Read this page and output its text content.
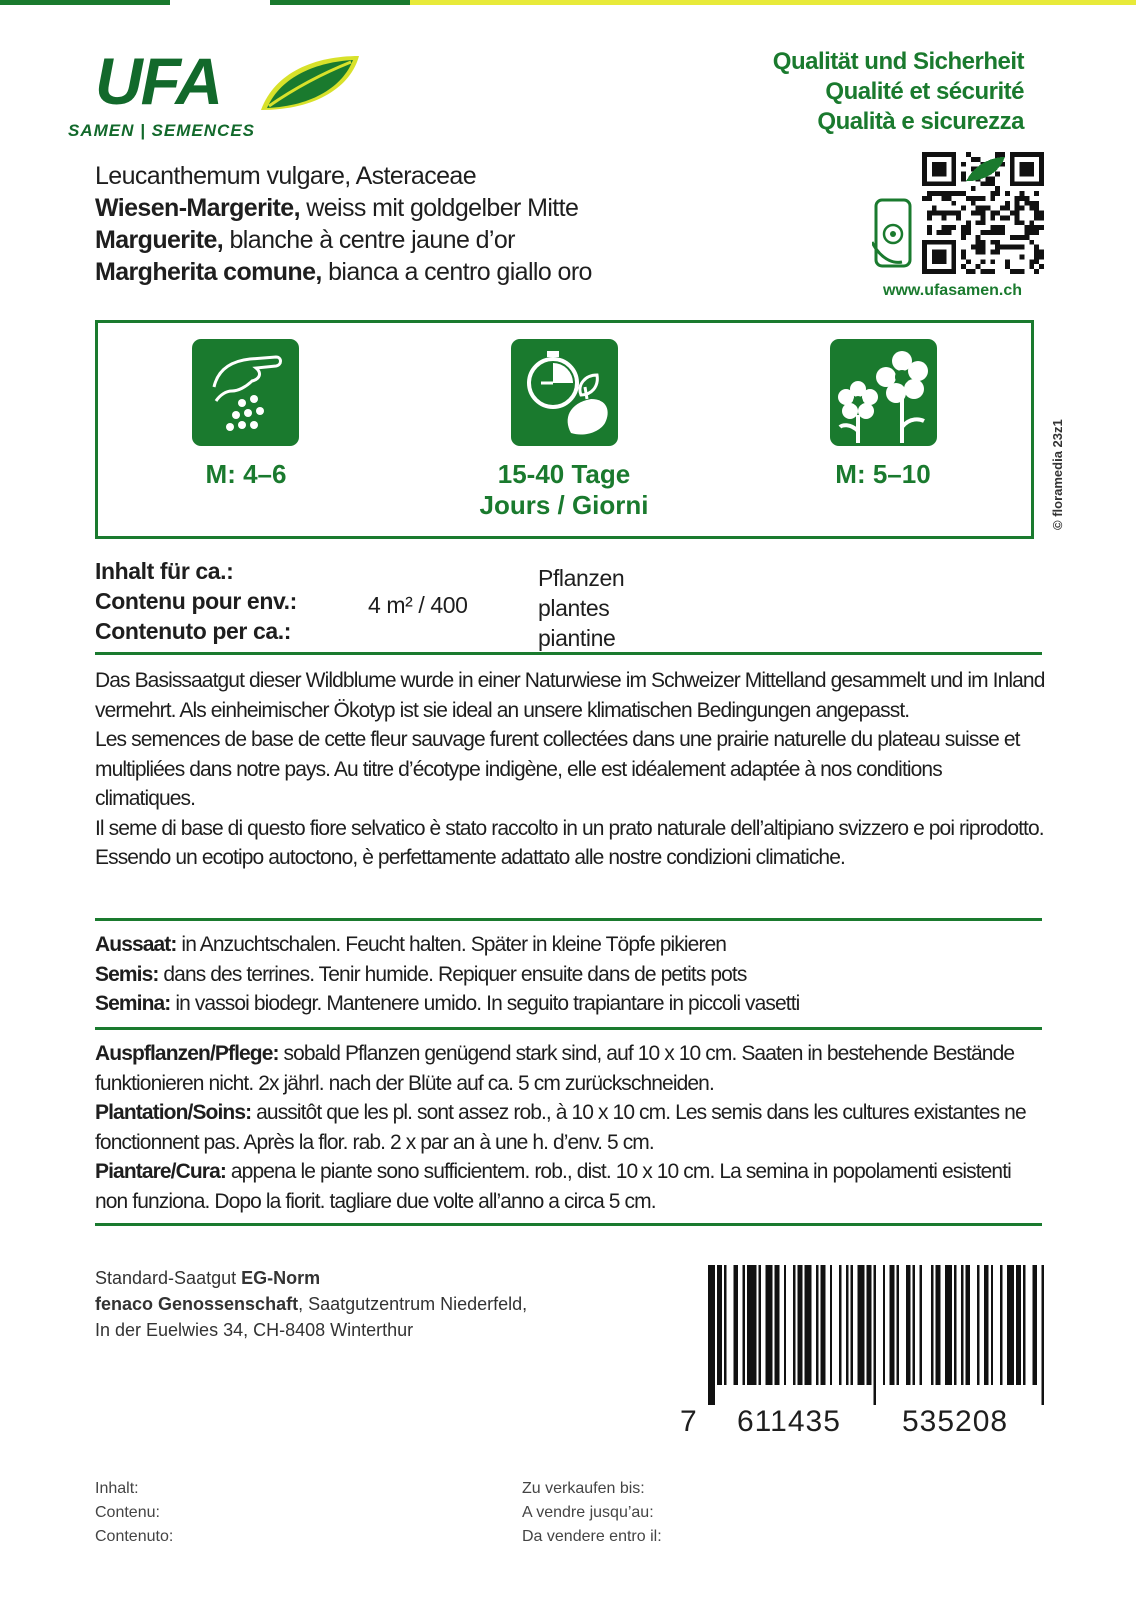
UFA
SAMEN | SEMENCES
Qualität und Sicherheit
Qualité et sécurité
Qualità e sicurezza
Leucanthemum vulgare, Asteraceae
Wiesen-Margerite, weiss mit goldgelber Mitte
Marguerite, blanche à centre jaune d’or
Margherita comune, bianca a centro giallo oro
www.ufasamen.ch
M: 4–6	15-40 Tage
Jours / Giorni
M: 5–10	© floramedia 23z1
Inhalt für ca.:
Contenu pour env.:
Contenuto per ca.:
4 m² / 400
Pflanzen
plantes
piantine

Das Basissaatgut dieser Wildblume wurde in einer Naturwiese im Schweizer Mittelland gesammelt und im Inland vermehrt. Als einheimischer Ökotyp ist sie ideal an unsere klimatischen Bedingungen angepasst.

Les semences de base de cette fleur sauvage furent collectées dans une prairie naturelle du plateau suisse et multipliées dans notre pays. Au titre d’écotype indigène, elle est idéalement adaptée à nos conditions climatiques.

Il seme di base di questo fiore selvatico è stato raccolto in un prato naturale dell’altipiano svizzero e poi riprodotto. Essendo un ecotipo autoctono, è perfettamente adattato alle nostre condizioni climatiche.

Aussaat: in Anzuchtschalen. Feucht halten. Später in kleine Töpfe pikieren

Semis: dans des terrines. Tenir humide. Repiquer ensuite dans de petits pots

Semina: in vassoi biodegr. Mantenere umido. In seguito trapiantare in piccoli vasetti

Auspflanzen/Pflege: sobald Pflanzen genügend stark sind, auf 10 x 10 cm. Saaten in bestehende Bestände funktionieren nicht. 2x jährl. nach der Blüte auf ca. 5 cm zurückschneiden.

Plantation/Soins: aussitôt que les pl. sont assez rob., à 10 x 10 cm. Les semis dans les cultures existantes ne fonctionnent pas. Après la flor. rab. 2 x par an à une h. d’env. 5 cm.

Piantare/Cura: appena le piante sono sufficientem. rob., dist. 10 x 10 cm. La semina in popolamenti esistenti non funziona. Dopo la fiorit. tagliare due volte all’anno a circa 5 cm.

Standard-Saatgut EG-Norm
fenaco Genossenschaft, Saatgutzentrum Niederfeld,
In der Euelwies 34, CH-8408 Winterthur
7 611435 535208
Inhalt:
Contenu:
Contenuto:
Zu verkaufen bis:
A vendre jusqu’au:
Da vendere entro il:
